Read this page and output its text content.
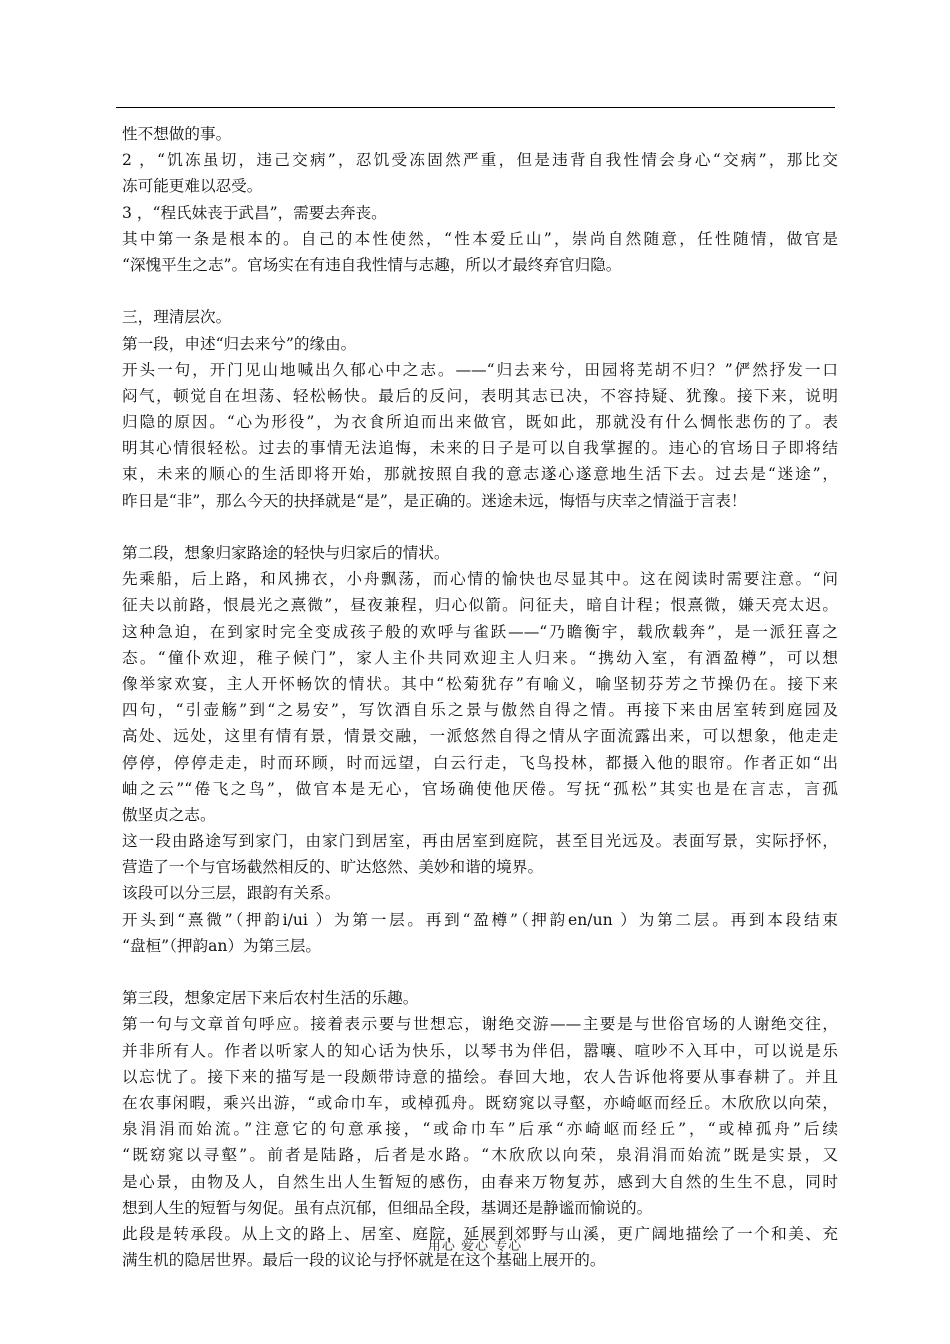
性不想做的事。
2 ，“饥冻虽切，违己交病”，忍饥受冻固然严重，但是违背自我性情会身心“交病”，那比交
冻可能更难以忍受。
3 ，“程氏妹丧于武昌”，需要去奔丧。
其中第一条是根本的。自己的本性使然，“性本爱丘山”，崇尚自然随意，任性随情，做官是
“深愧平生之志”。官场实在有违自我性情与志趣，所以才最终弃官归隐。
三，理清层次。
第一段，申述“归去来兮”的缘由。
开头一句，开门见山地喊出久郁心中之志。——“归去来兮，田园将芜胡不归？”俨然抒发一口
闷气，顿觉自在坦荡、轻松畅快。最后的反问，表明其志已决，不容持疑、犹豫。接下来，说明
归隐的原因。“心为形役”，为衣食所迫而出来做官，既如此，那就没有什么惆怅悲伤的了。表
明其心情很轻松。过去的事情无法追悔，未来的日子是可以自我掌握的。违心的官场日子即将结
束，未来的顺心的生活即将开始，那就按照自我的意志遂心遂意地生活下去。过去是“迷途”，
昨日是“非”，那么今天的抉择就是“是”，是正确的。迷途未远，悔悟与庆幸之情溢于言表！
第二段，想象归家路途的轻快与归家后的情状。
先乘船，后上路，和风拂衣，小舟飘荡，而心情的愉快也尽显其中。这在阅读时需要注意。“问
征夫以前路，恨晨光之熹微”，昼夜兼程，归心似箭。问征夫，暗自计程；恨熹微，嫌天亮太迟。
这种急迫，在到家时完全变成孩子般的欢呼与雀跃——“乃瞻衡宇，载欣载奔”，是一派狂喜之
态。“僮仆欢迎，稚子候门”，家人主仆共同欢迎主人归来。“携幼入室，有酒盈樽”，可以想
像举家欢宴，主人开怀畅饮的情状。其中“松菊犹存”有喻义，喻坚韧芬芳之节操仍在。接下来
四句，“引壶觞”到“之易安”，写饮酒自乐之景与傲然自得之情。再接下来由居室转到庭园及
高处、远处，这里有情有景，情景交融，一派悠然自得之情从字面流露出来，可以想象，他走走
停停，停停走走，时而环顾，时而远望，白云行走，飞鸟投林，都摄入他的眼帘。作者正如“出
岫之云”“倦飞之鸟”，做官本是无心，官场确使他厌倦。写抚“孤松”其实也是在言志，言孤
傲坚贞之志。
这一段由路途写到家门，由家门到居室，再由居室到庭院，甚至目光远及。表面写景，实际抒怀，
营造了一个与官场截然相反的、旷达悠然、美妙和谐的境界。
该段可以分三层，跟韵有关系。
开头到“熹微”（押韵i/ui ）为第一层。再到“盈樽”（押韵en/un ）为第二层。再到本段结束
“盘桓”（押韵an）为第三层。
第三段，想象定居下来后农村生活的乐趣。
第一句与文章首句呼应。接着表示要与世想忘，谢绝交游——主要是与世俗官场的人谢绝交往，
并非所有人。作者以听家人的知心话为快乐，以琴书为伴侣，嚣嚷、喧吵不入耳中，可以说是乐
以忘忧了。接下来的描写是一段颇带诗意的描绘。春回大地，农人告诉他将要从事春耕了。并且
在农事闲暇，乘兴出游，“或命巾车，或棹孤舟。既窈窕以寻壑，亦崎岖而经丘。木欣欣以向荣，
泉涓涓而始流。”注意它的句意承接，“或命巾车”后承“亦崎岖而经丘”，“或棹孤舟”后续
“既窈窕以寻壑”。前者是陆路，后者是水路。“木欣欣以向荣，泉涓涓而始流”既是实景，又
是心景，由物及人，自然生出人生暂短的感伤，由春来万物复苏，感到大自然的生生不息，同时
想到人生的短暂与匆促。虽有点沉郁，但细品全段，基调还是静谧而愉说的。
此段是转承段。从上文的路上、居室、庭院，延展到郊野与山溪，更广阔地描绘了一个和美、充
满生机的隐居世界。最后一段的议论与抒怀就是在这个基础上展开的。
用心 爱心 专心
